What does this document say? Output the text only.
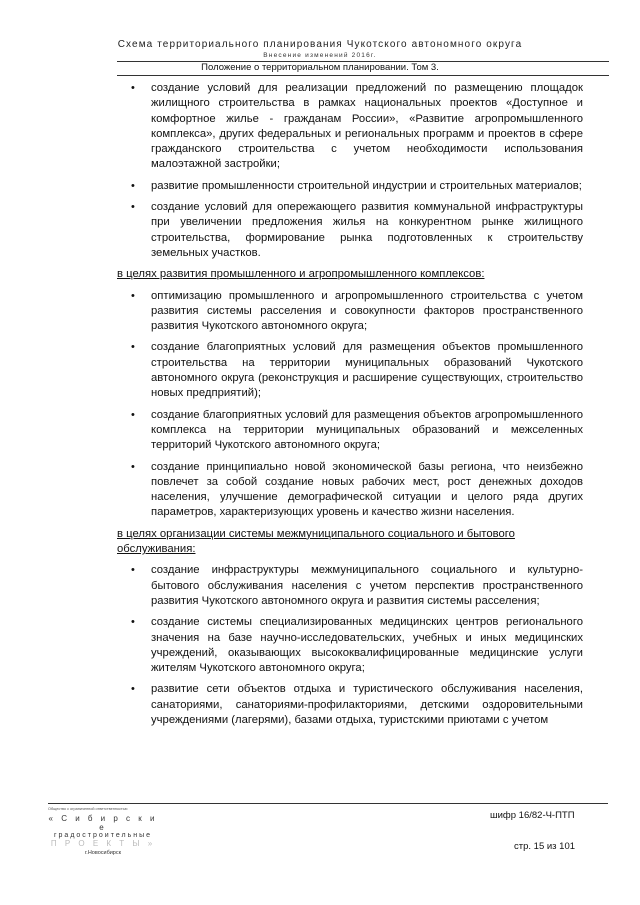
Схема территориального планирования Чукотского автономного округа
Внесение изменений 2016г.
Положение о территориальном планировании. Том 3.
• создание условий для реализации предложений по размещению площадок жилищного строительства в рамках национальных проектов «Доступное и комфортное жилье - гражданам России», «Развитие агропромышленного комплекса», других федеральных и региональных программ и проектов в сфере гражданского строительства с учетом необходимости использования малоэтажной застройки;
• развитие промышленности строительной индустрии и строительных материалов;
• создание условий для опережающего развития коммунальной инфраструктуры при увеличении предложения жилья на конкурентном рынке жилищного строительства, формирование рынка подготовленных к строительству земельных участков.
в целях развития промышленного и агропромышленного комплексов:
• оптимизацию промышленного и агропромышленного строительства с учетом развития системы расселения и совокупности факторов пространственного развития Чукотского автономного округа;
• создание благоприятных условий для размещения объектов промышленного строительства на территории муниципальных образований Чукотского автономного округа (реконструкция и расширение существующих, строительство новых предприятий);
• создание благоприятных условий для размещения объектов агропромышленного комплекса на территории муниципальных образований и межселенных территорий Чукотского автономного округа;
• создание принципиально новой экономической базы региона, что неизбежно повлечет за собой создание новых рабочих мест, рост денежных доходов населения, улучшение демографической ситуации и целого ряда других параметров, характеризующих уровень и качество жизни населения.
в целях организации системы межмуниципального социального и бытового обслуживания:
• создание инфраструктуры межмуниципального социального и культурно-бытового обслуживания населения с учетом перспектив пространственного развития Чукотского автономного округа и развития системы расселения;
• создание системы специализированных медицинских центров регионального значения на базе научно-исследовательских, учебных и иных медицинских учреждений, оказывающих высококвалифицированные медицинские услуги жителям Чукотского автономного округа;
• развитие сети объектов отдыха и туристического обслуживания населения, санаториями, санаториями-профилакториями, детскими оздоровительными учреждениями (лагерями), базами отдыха, туристскими приютами с учетом
Общество с ограниченной ответственностью
« С и б и р с к и е
градостроительные
П Р О Е К Т Ы »
г.Новосибирск
шифр 16/82-Ч-ПТП
стр. 15 из 101
